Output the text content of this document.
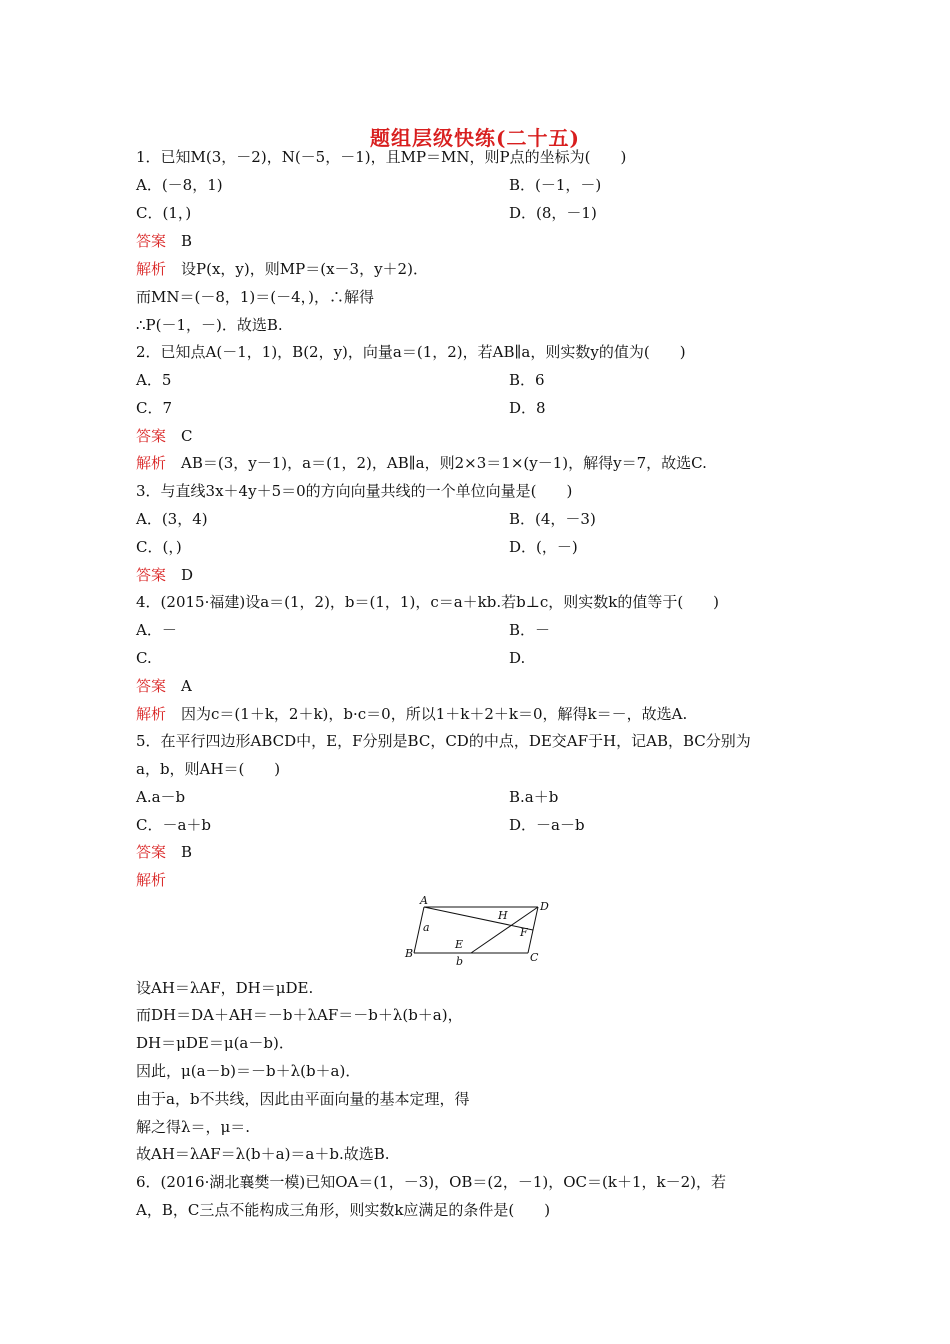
题组层级快练(二十五)
1．已知M(3，－2)，N(－5，－1)，且MP＝MN，则P点的坐标为(　　)
A．(－8，1)	B．(－1，－)
C．(1，)	D．(8，－1)
答案　 B
解析　 设P(x，y)，则MP＝(x－3，y＋2)．
而MN＝(－8，1)＝(－4，)，∴解得
∴P(－1，－)．故选B.
2．已知点A(－1，1)，B(2，y)，向量a＝(1，2)，若AB∥a，则实数y的值为(　　)
A．5	B．6
C．7	D．8
答案　 C
解析　 AB＝(3，y－1)，a＝(1，2)，AB∥a，则2×3＝1×(y－1)，解得y＝7，故选C.
3．与直线3x＋4y＋5＝0的方向向量共线的一个单位向量是(　　)
A．(3，4)	B．(4，－3)
C．(，)	D．(，－)
答案　 D
4．(2015·福建)设a＝(1，2)，b＝(1，1)，c＝a＋kb.若b⊥c，则实数k的值等于(　　)
A．－	B．－
C.	D.
答案　 A
解析　 因为c＝(1＋k，2＋k)，b·c＝0，所以1＋k＋2＋k＝0，解得k＝－，故选A.
5．在平行四边形ABCD中，E，F分别是BC，CD的中点，DE交AF于H，记AB，BC分别为
a，b，则AH＝(　　)
A.a－b	B.a＋b
C．－a＋b	D．－a－b
答案　 B
解析
A
B	C
D
E
F
H
a
b
设AH＝λAF，DH＝μDE.
而DH＝DA＋AH＝－b＋λAF＝－b＋λ(b＋a)，
DH＝μDE＝μ(a－b)．
因此，μ(a－b)＝－b＋λ(b＋a)．
由于a，b不共线，因此由平面向量的基本定理，得
解之得λ＝，μ＝.
故AH＝λAF＝λ(b＋a)＝a＋b.故选B.
6．(2016·湖北襄樊一模)已知OA＝(1，－3)，OB＝(2，－1)，OC＝(k＋1，k－2)，若
A，B，C三点不能构成三角形，则实数k应满足的条件是(　　)
